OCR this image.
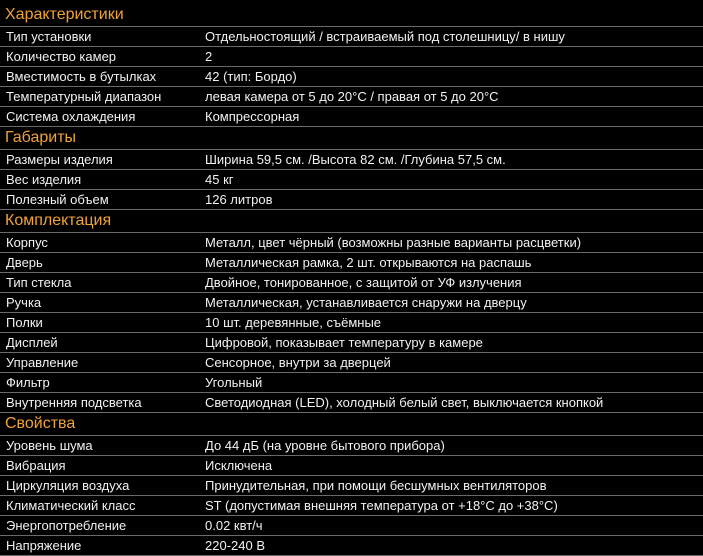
Характеристики
Тип установки	Отдельностоящий / встраиваемый под столешницу/ в нишу
Количество камер	2
Вместимость в бутылках	42 (тип: Бордо)
Температурный диапазон	левая камера от 5 до 20°C / правая от 5 до 20°C
Система охлаждения	Компрессорная
Габариты
Размеры изделия	Ширина 59,5 см. /Высота 82 см. /Глубина 57,5 см.
Вес изделия	45 кг
Полезный объем	126 литров
Комплектация
Корпус	Металл, цвет чёрный (возможны разные варианты расцветки)
Дверь	Металлическая рамка, 2 шт. открываются на распашь
Тип стекла	Двойное, тонированное, с защитой от УФ излучения
Ручка	Металлическая, устанавливается снаружи на дверцу
Полки	10 шт. деревянные, съёмные
Дисплей	Цифровой, показывает температуру в камере
Управление	Сенсорное, внутри за дверцей
Фильтр	Угольный
Внутренняя подсветка	Светодиодная (LED), холодный белый свет, выключается кнопкой
Свойства
Уровень шума	До 44 дБ (на уровне бытового прибора)
Вибрация	Исключена
Циркуляция воздуха	Принудительная, при помощи бесшумных вентиляторов
Климатический класс	ST (допустимая внешняя температура от +18°C до +38°C)
Энергопотребление	0.02 квт/ч
Напряжение	220-240 В
